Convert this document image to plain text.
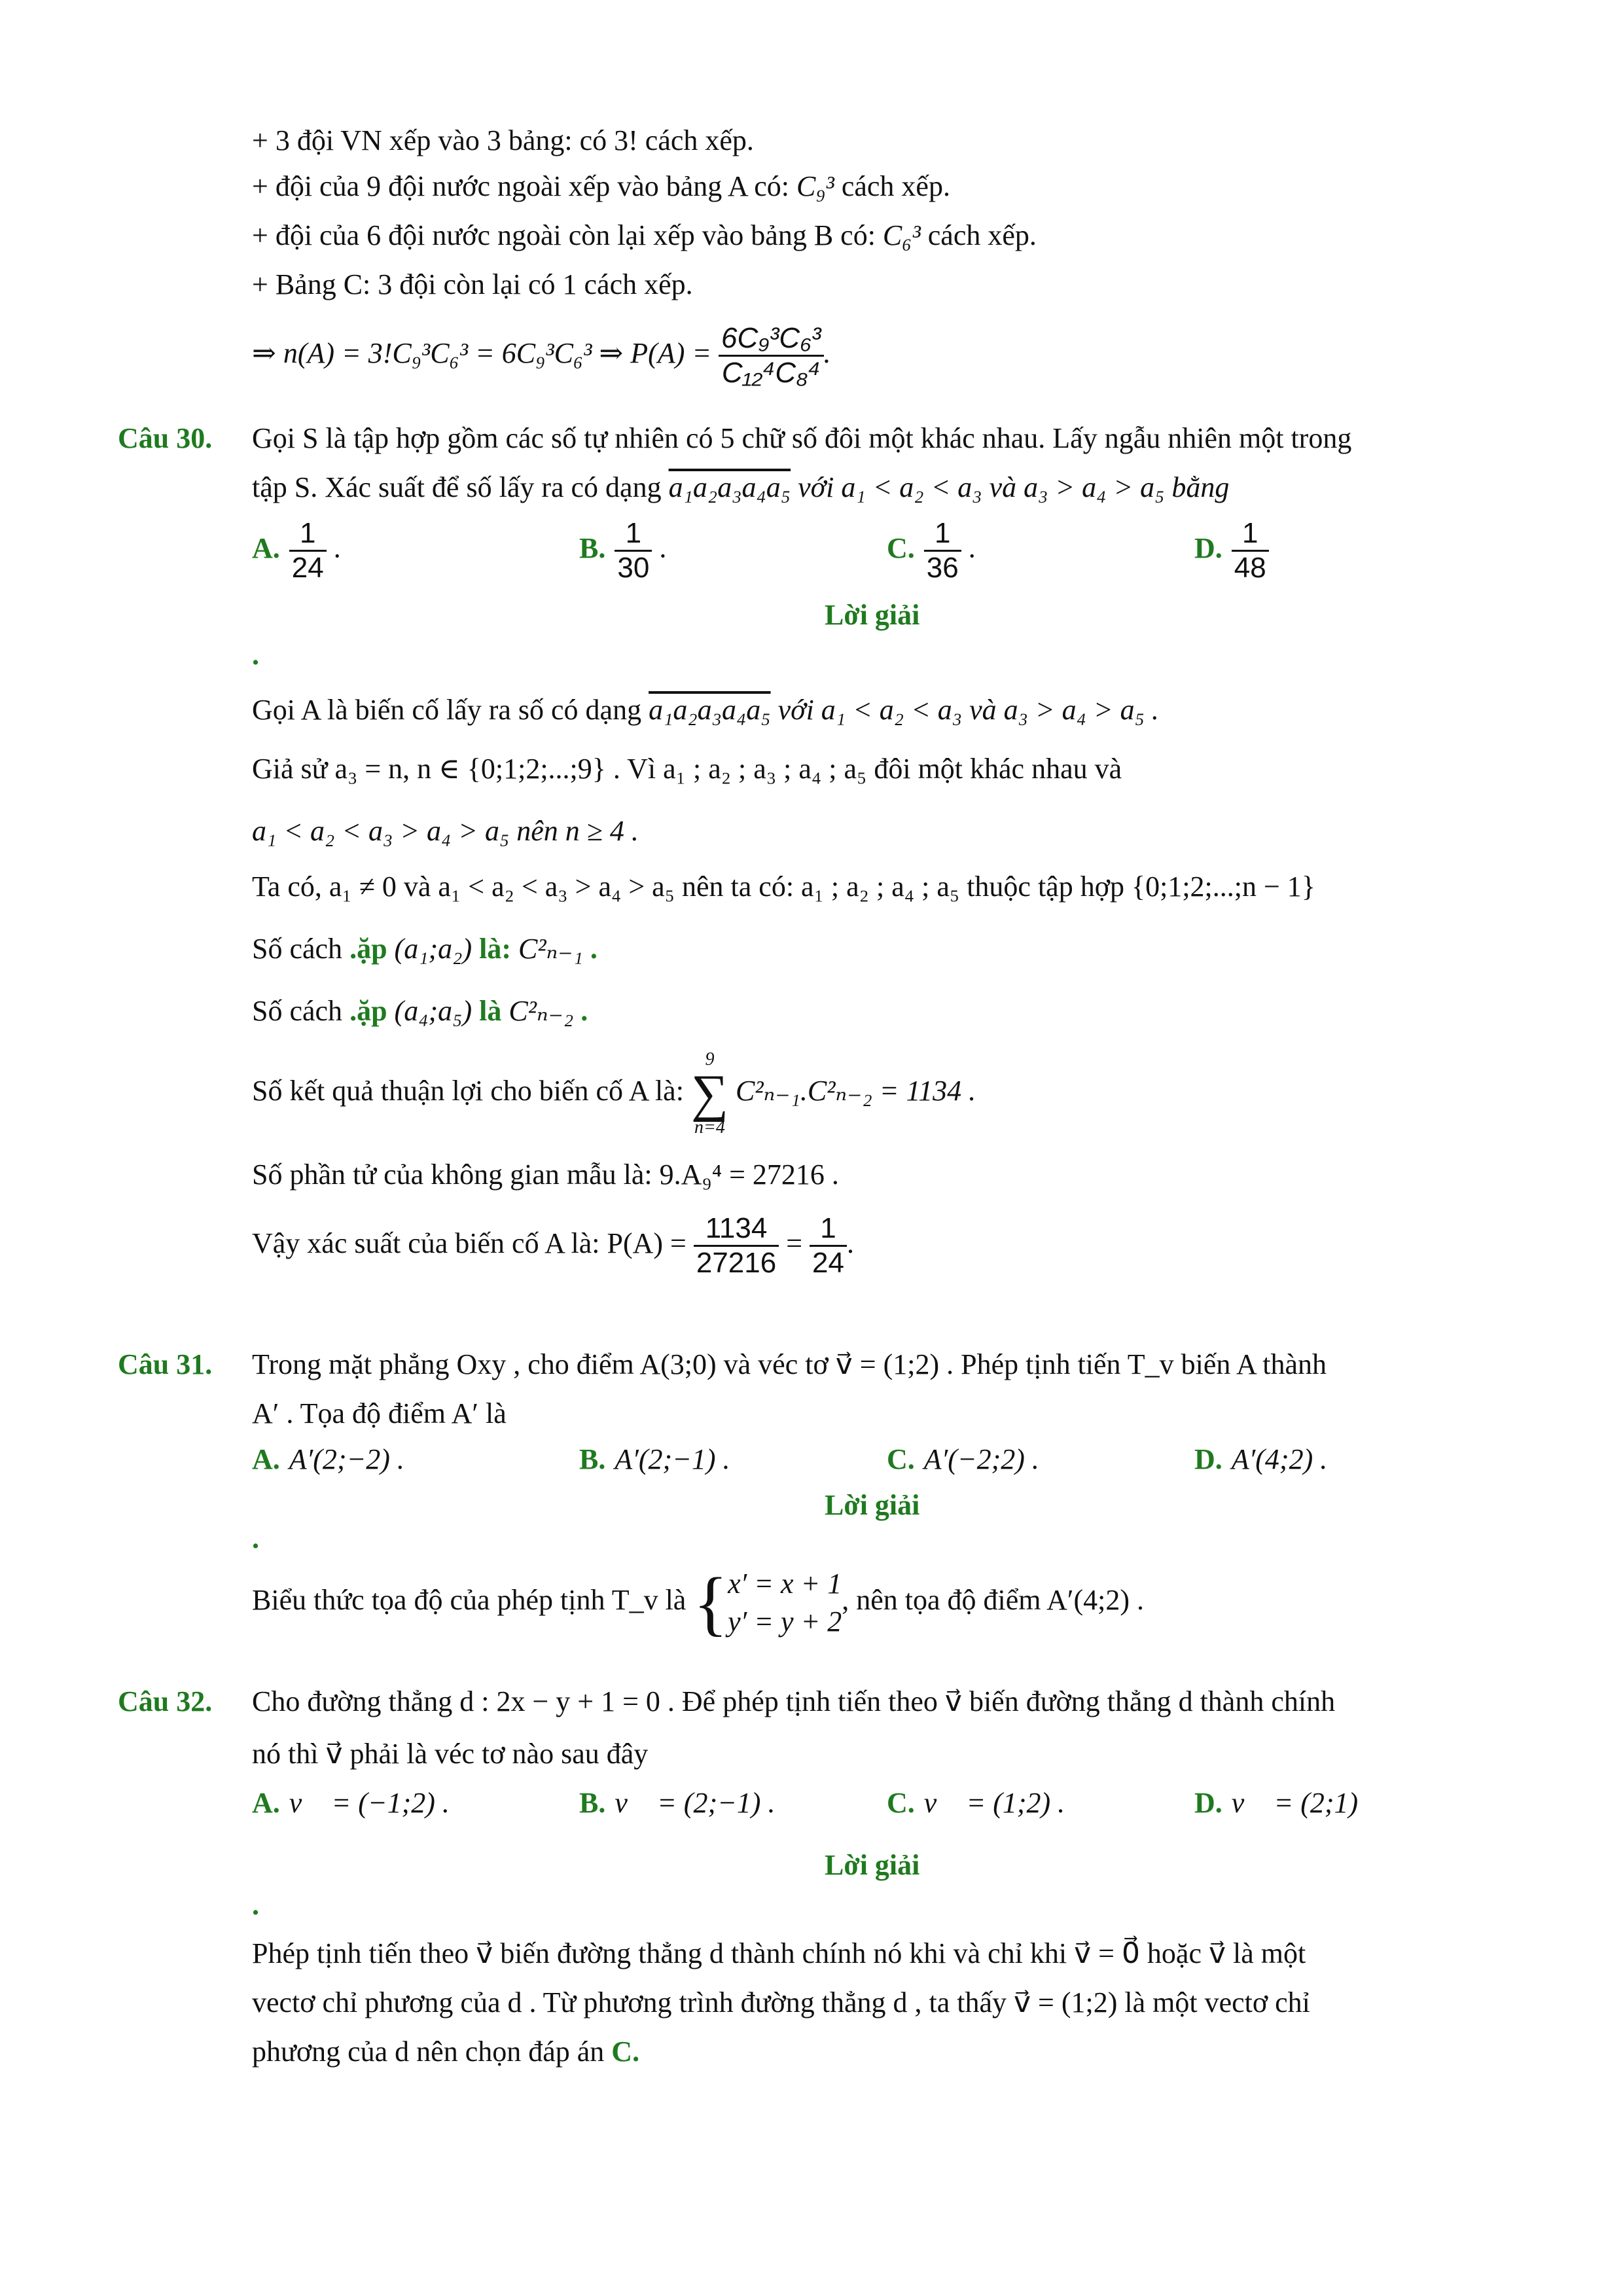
+ 3 đội VN xếp vào 3 bảng: có 3! cách xếp.
+ đội của 9 đội nước ngoài xếp vào bảng A có: C₉³ cách xếp.
+ đội của 6 đội nước ngoài còn lại xếp vào bảng B có: C₆³ cách xếp.
+ Bảng C: 3 đội còn lại có 1 cách xếp.
⇒ n(A) = 3!C₉³C₆³ = 6C₉³C₆³ ⇒ $P(A) = \frac{\text{6C₉³C₆³}}{\text{C₁₂⁴C₈⁴}}$ .
Câu 30. Gọi S là tập hợp gồm các số tự nhiên có 5 chữ số đôi một khác nhau. Lấy ngẫu nhiên một trong
tập S. Xác suất để số lấy ra có dạng a₁a₂a₃a₄a₅ với a₁ < a₂ < a₃ và a₃ > a₄ > a₅ bằng
A. $\frac{1}{24}$ .	B. $\frac{1}{30}$ .	C. $\frac{1}{36}$ .	D. $\frac{1}{48}$
Lời giải
.
Gọi A là biến cố lấy ra số có dạng a₁a₂a₃a₄a₅ với a₁ < a₂ < a₃ và a₃ > a₄ > a₅ .
Giả sử a₃ = n, n ∈ {0;1;2;...;9} . Vì a₁ ; a₂ ; a₃ ; a₄ ; a₅ đôi một khác nhau và
a₁ < a₂ < a₃ > a₄ > a₅ nên n ≥ 4 .
Ta có, a₁ ≠ 0 và a₁ < a₂ < a₃ > a₄ > a₅ nên ta có: a₁ ; a₂ ; a₄ ; a₅ thuộc tập hợp {0;1;2;...;n − 1}
Số cách .ặp (a₁;a₂) là: C²ₙ₋₁ .
Số cách .ặp (a₄;a₅) là C²ₙ₋₂ .
Số kết quả thuận lợi cho biến cố A là:
9
∑
n=4
C²ₙ₋₁.C²ₙ₋₂ = 1134 .
Số phần tử của không gian mẫu là: 9.A₉⁴ = 27216 .
Vậy xác suất của biến cố A là: $P(A) = \frac{1134}{27216} = \frac{1}{24}$ .
Câu 31. Trong mặt phẳng Oxy , cho điểm A(3;0) và véc tơ v⃗ = (1;2) . Phép tịnh tiến T_v biến A thành
A′ . Tọa độ điểm A′ là
A. A′(2;−2) .	B. A′(2;−1) .	C. A′(−2;2) .	D. A′(4;2) .
Lời giải
.
Biểu thức tọa độ của phép tịnh T_v là { x′ = x + 1
y′ = y + 2
, nên tọa độ điểm A′(4;2) .
Câu 32. Cho đường thẳng d : 2x − y + 1 = 0 . Để phép tịnh tiến theo v⃗ biến đường thẳng d thành chính
nó thì v⃗ phải là véc tơ nào sau đây
A. v⃗ = (−1;2) .	B. v⃗ = (2;−1) .	C. v⃗ = (1;2) .	D. v⃗ = (2;1)
Lời giải
.
Phép tịnh tiến theo v⃗ biến đường thẳng d thành chính nó khi và chỉ khi v⃗ = 0⃗ hoặc v⃗ là một
vectơ chỉ phương của d . Từ phương trình đường thẳng d , ta thấy v⃗ = (1;2) là một vectơ chỉ
phương của d nên chọn đáp án C.
